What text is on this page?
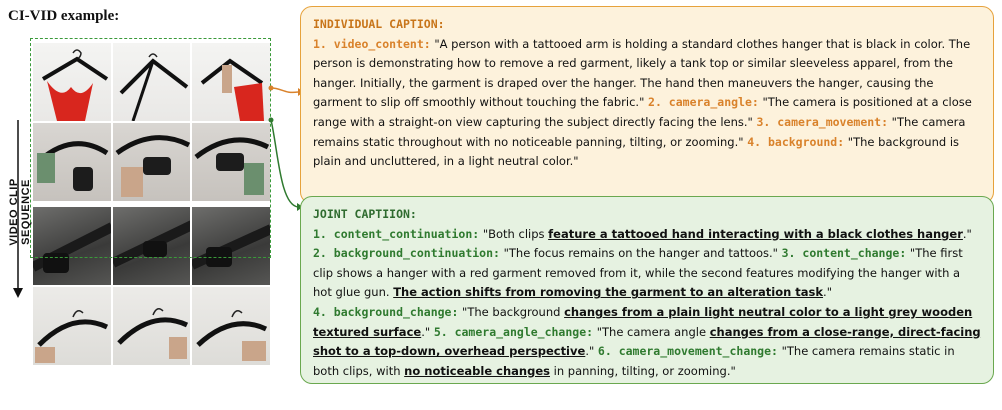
CI-VID example:
VIDEO CLIP SEQUENCE
INDIVIDUAL CAPTION:
1. video_content: "A person with a tattooed arm is holding a standard clothes hanger that is black in color. The person is demonstrating how to remove a red garment, likely a tank top or similar sleeveless apparel, from the hanger. Initially, the garment is draped over the hanger. The hand then maneuvers the hanger, causing the garment to slip off smoothly without touching the fabric." 2. camera_angle: "The camera is positioned at a close range with a straight-on view capturing the subject directly facing the lens." 3. camera_movement: "The camera remains static throughout with no noticeable panning, tilting, or zooming." 4. background: "The background is plain and uncluttered, in a light neutral color."
JOINT CAPTIION:
1. content_continuation: "Both clips feature a tattooed hand interacting with a black clothes hanger."
2. background_continuation: "The focus remains on the hanger and tattoos." 3. content_change: "The first clip shows a hanger with a red garment removed from it, while the second features modifying the hanger with a hot glue gun. The action shifts from romoving the garment to an alteration task."
4. background_change: "The background changes from a plain light neutral color to a light grey wooden textured surface." 5. camera_angle_change: "The camera angle changes from a close-range, direct-facing shot to a top-down, overhead perspective." 6. camera_movement_change: "The camera remains static in both clips, with no noticeable changes in panning, tilting, or zooming."
